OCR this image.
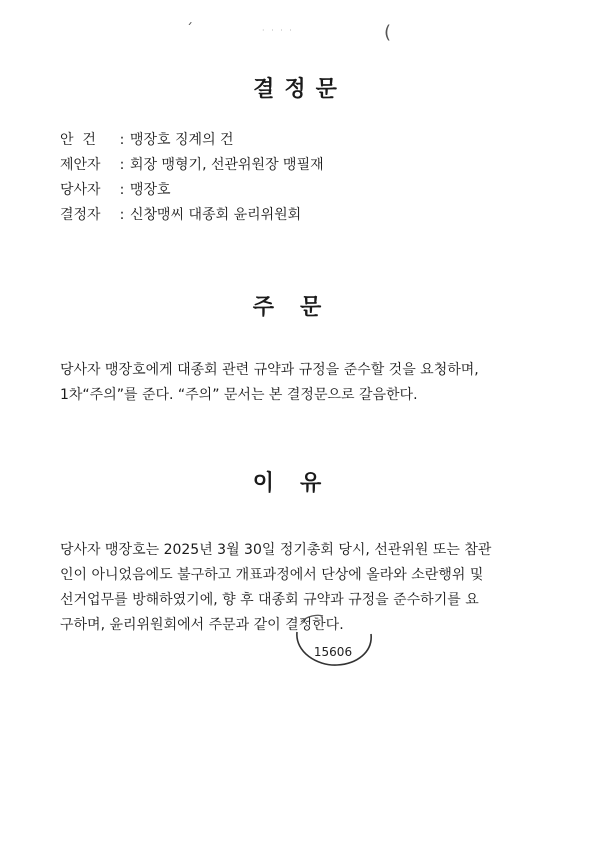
ˊ	· · · ·	(
결정문
안  건	: 맹장호 징계의 건
제안자	: 회장 맹형기, 선관위원장 맹필재
당사자	: 맹장호
결정자	: 신창맹씨 대종회 윤리위원회
주문
당사자 맹장호에게 대종회 관련 규약과 규정을 준수할 것을 요청하며,
1차“주의”를 준다. “주의” 문서는 본 결정문으로 갈음한다.
이유
당사자 맹장호는 2025년 3월 30일 정기총회 당시, 선관위원 또는 참관
인이 아니었음에도 불구하고 개표과정에서 단상에 올라와 소란행위 및
선거업무를 방해하였기에, 향 후 대종회 규약과 규정을 준수하기를 요
구하며, 윤리위원회에서 주문과 같이 결정한다.
15606
